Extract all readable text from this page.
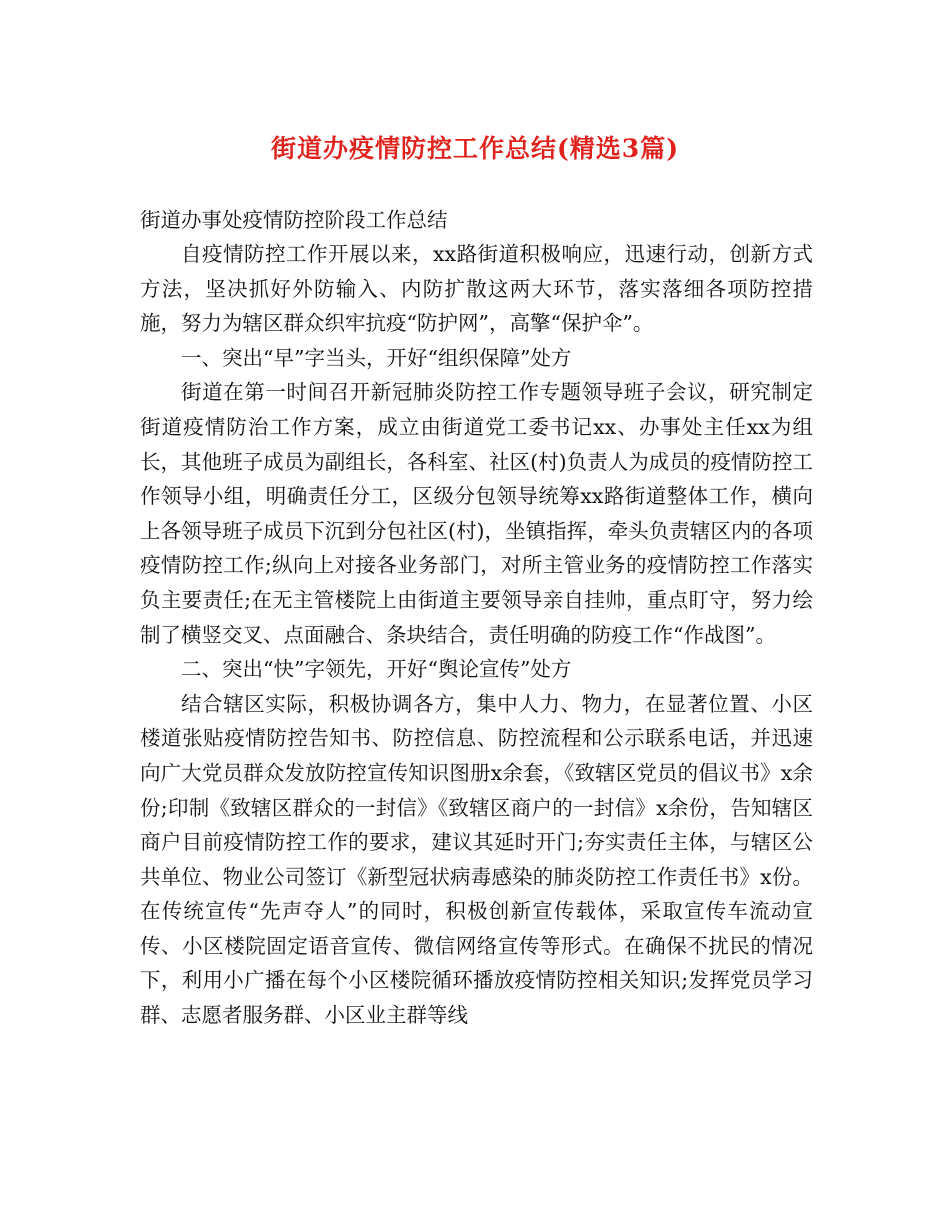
街道办疫情防控工作总结(精选3篇)

街道办事处疫情防控阶段工作总结

自疫情防控工作开展以来，xx路街道积极响应，迅速行动，创新方式方法，坚决抓好外防输入、内防扩散这两大环节，落实落细各项防控措施，努力为辖区群众织牢抗疫“防护网”，高擎“保护伞”。

一、突出“早”字当头，开好“组织保障”处方

街道在第一时间召开新冠肺炎防控工作专题领导班子会议，研究制定街道疫情防治工作方案，成立由街道党工委书记xx、办事处主任xx为组长，其他班子成员为副组长，各科室、社区(村)负责人为成员的疫情防控工作领导小组，明确责任分工，区级分包领导统筹xx路街道整体工作，横向上各领导班子成员下沉到分包社区(村)，坐镇指挥，牵头负责辖区内的各项疫情防控工作;纵向上对接各业务部门，对所主管业务的疫情防控工作落实负主要责任;在无主管楼院上由街道主要领导亲自挂帅，重点盯守，努力绘制了横竖交叉、点面融合、条块结合，责任明确的防疫工作“作战图”。

二、突出“快”字领先，开好“舆论宣传”处方

结合辖区实际，积极协调各方，集中人力、物力，在显著位置、小区楼道张贴疫情防控告知书、防控信息、防控流程和公示联系电话，并迅速向广大党员群众发放防控宣传知识图册x余套，《致辖区党员的倡议书》x余份;印制《致辖区群众的一封信》《致辖区商户的一封信》x余份，告知辖区商户目前疫情防控工作的要求，建议其延时开门;夯实责任主体，与辖区公共单位、物业公司签订《新型冠状病毒感染的肺炎防控工作责任书》x份。在传统宣传“先声夺人”的同时，积极创新宣传载体，采取宣传车流动宣传、小区楼院固定语音宣传、微信网络宣传等形式。在确保不扰民的情况下，利用小广播在每个小区楼院循环播放疫情防控相关知识;发挥党员学习群、志愿者服务群、小区业主群等线
